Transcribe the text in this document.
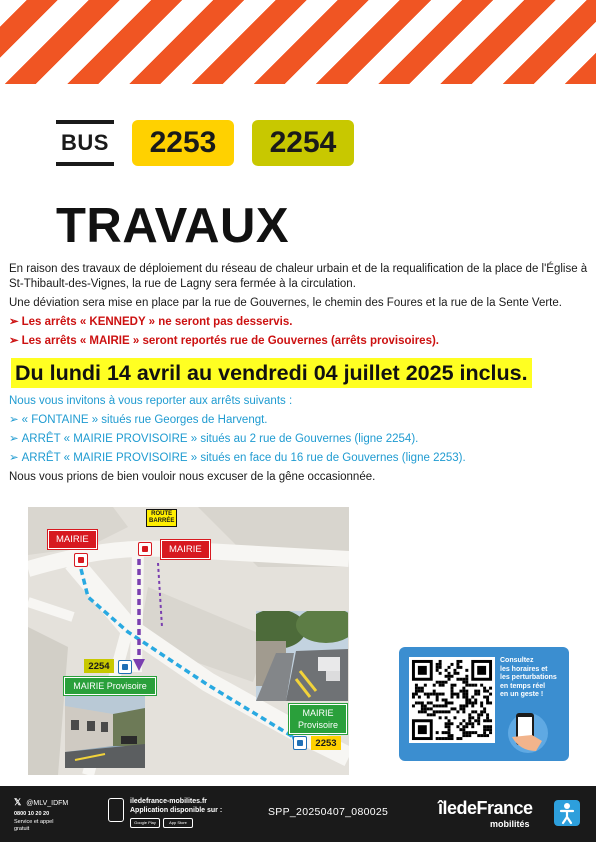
BUS	2253	2254
TRAVAUX

En raison des travaux de déploiement du réseau de chaleur urbain et de la requalification de la place de l'Église à St-Thibault-des-Vignes, la rue de Lagny sera fermée à la circulation.

Une déviation sera mise en place par la rue de Gouvernes, le chemin des Foures et la rue de la Sente Verte.

➢ Les arrêts « KENNEDY » ne seront pas desservis.

➢ Les arrêts « MAIRIE » seront reportés rue de Gouvernes (arrêts provisoires).

Du lundi 14 avril au vendredi 04 juillet 2025 inclus.

Nous vous invitons à vous reporter aux arrêts suivants :

➢ « FONTAINE » situés rue Georges de Harvengt.

➢ ARRÊT « MAIRIE PROVISOIRE » situés au 2 rue de Gouvernes (ligne 2254).

➢ ARRÊT « MAIRIE PROVISOIRE » situés en face du 16 rue de Gouvernes (ligne 2253).

Nous vous prions de bien vouloir nous excuser de la gêne occasionnée.

MAIRIE
MAIRIE
ROUTE
BARRÉE
2254
MAIRIE Provisoire
MAIRIE
Provisoire
2253
Consultez
les horaires et
les perturbations
en temps réel
en un geste !
𝕏 @MLV_IDFM
0800 10 20 20
Service et appel
gratuit
iledefrance-mobilites.fr
Application disponible sur :
Google Play	App Store
SPP_20250407_080025	îledeFrance
mobilités
